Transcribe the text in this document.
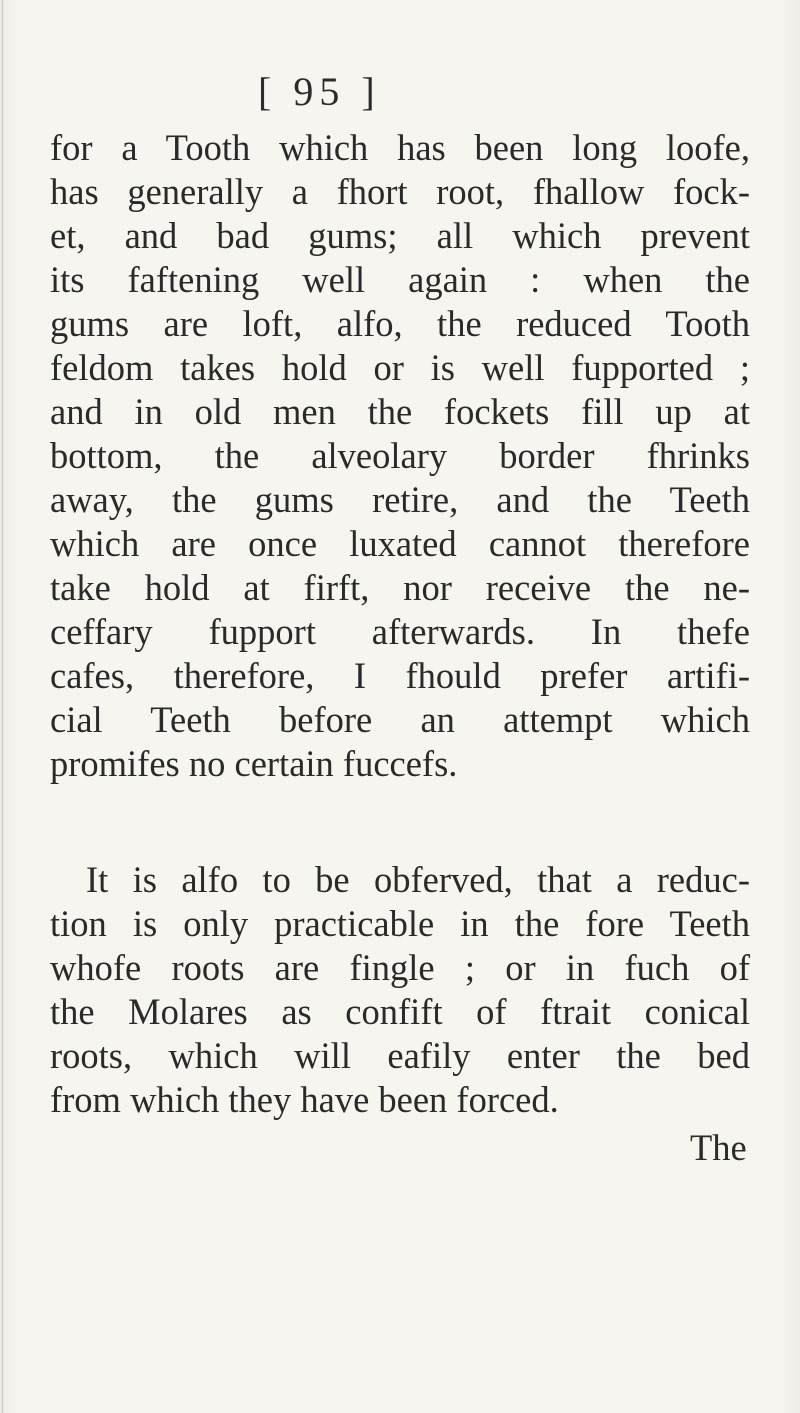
[ 95 ]
for a Tooth which has been long loofe,
has generally a fhort root, fhallow fock-
et, and bad gums; all which prevent
its faftening well again : when the
gums are loft, alfo, the reduced Tooth
feldom takes hold or is well fupported ;
and in old men the fockets fill up at
bottom, the alveolary border fhrinks
away, the gums retire, and the Teeth
which are once luxated cannot therefore
take hold at firft, nor receive the ne-
ceffary fupport afterwards. In thefe
cafes, therefore, I fhould prefer artifi-
cial Teeth before an attempt which
promifes no certain fuccefs.
It is alfo to be obferved, that a reduc-
tion is only practicable in the fore Teeth
whofe roots are fingle ; or in fuch of
the Molares as confift of ftrait conical
roots, which will eafily enter the bed
from which they have been forced.
The
